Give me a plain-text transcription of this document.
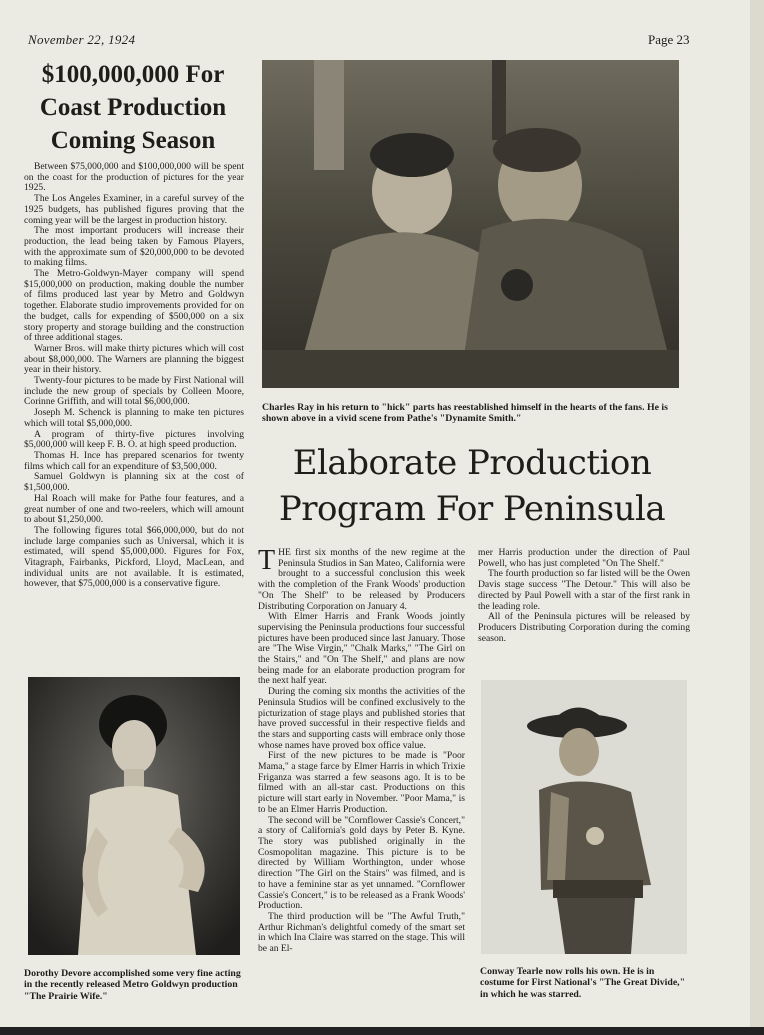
November 22, 1924	Page 23
$100,000,000 For
Coast Production
Coming Season

Between $75,000,000 and $100,000,000 will be spent on the coast for the production of pictures for the year 1925.

The Los Angeles Examiner, in a careful survey of the 1925 budgets, has published figures proving that the coming year will be the largest in production history.

The most important producers will increase their production, the lead being taken by Famous Players, with the approximate sum of $20,000,000 to be devoted to making films.

The Metro-Goldwyn-Mayer company will spend $15,000,000 on production, making double the number of films produced last year by Metro and Goldwyn together. Elaborate studio improvements provided for on the budget, calls for expending of $500,000 on a six story property and storage building and the construction of three additional stages.

Warner Bros. will make thirty pictures which will cost about $8,000,000. The Warners are planning the biggest year in their history.

Twenty-four pictures to be made by First National will include the new group of specials by Colleen Moore, Corinne Griffith, and will total $6,000,000.

Joseph M. Schenck is planning to make ten pictures which will total $5,000,000.

A program of thirty-five pictures involving $5,000,000 will keep F. B. O. at high speed production.

Thomas H. Ince has prepared scenarios for twenty films which call for an expenditure of $3,500,000.

Samuel Goldwyn is planning six at the cost of $1,500,000.

Hal Roach will make for Pathe four features, and a great number of one and two-reelers, which will amount to about $1,250,000.

The following figures total $66,000,000, but do not include large companies such as Universal, which it is estimated, will spend $5,000,000. Figures for Fox, Vitagraph, Fairbanks, Pickford, Lloyd, MacLean, and individual units are not available. It is estimated, however, that $75,000,000 is a conservative figure.

Charles Ray in his return to "hick" parts has reestablished himself in the hearts of the fans. He is shown above in a vivid scene from Pathe's "Dynamite Smith."
Elaborate Production
Program For Peninsula

THE first six months of the new regime at the Peninsula Studios in San Mateo, California were brought to a successful conclusion this week with the completion of the Frank Woods' production "On The Shelf" to be released by Producers Distributing Corporation on January 4.

With Elmer Harris and Frank Woods jointly supervising the Peninsula productions four successful pictures have been produced since last January. Those are "The Wise Virgin," "Chalk Marks," "The Girl on the Stairs," and "On The Shelf," and plans are now being made for an elaborate production program for the next half year.

During the coming six months the activities of the Peninsula Studios will be confined exclusively to the picturization of stage plays and published stories that have proved successful in their respective fields and the stars and supporting casts will embrace only those whose names have proved box office value.

First of the new pictures to be made is "Poor Mama," a stage farce by Elmer Harris in which Trixie Friganza was starred a few seasons ago. It is to be filmed with an all-star cast. Productions on this picture will start early in November. "Poor Mama," is to be an Elmer Harris Production.

The second will be "Cornflower Cassie's Concert," a story of California's gold days by Peter B. Kyne. The story was published originally in the Cosmopolitan magazine. This picture is to be directed by William Worthington, under whose direction "The Girl on the Stairs" was filmed, and is to have a feminine star as yet unnamed. "Cornflower Cassie's Concert," is to be released as a Frank Woods' Production.

The third production will be "The Awful Truth," Arthur Richman's delightful comedy of the smart set in which Ina Claire was starred on the stage. This will be an El-

mer Harris production under the direction of Paul Powell, who has just completed "On The Shelf."

The fourth production so far listed will be the Owen Davis stage success "The Detour." This will also be directed by Paul Powell with a star of the first rank in the leading role.

All of the Peninsula pictures will be released by Producers Distributing Corporation during the coming season.

Dorothy Devore accomplished some very fine acting in the recently released Metro Goldwyn production "The Prairie Wife."
Conway Tearle now rolls his own. He is in costume for First National's "The Great Divide," in which he was starred.
